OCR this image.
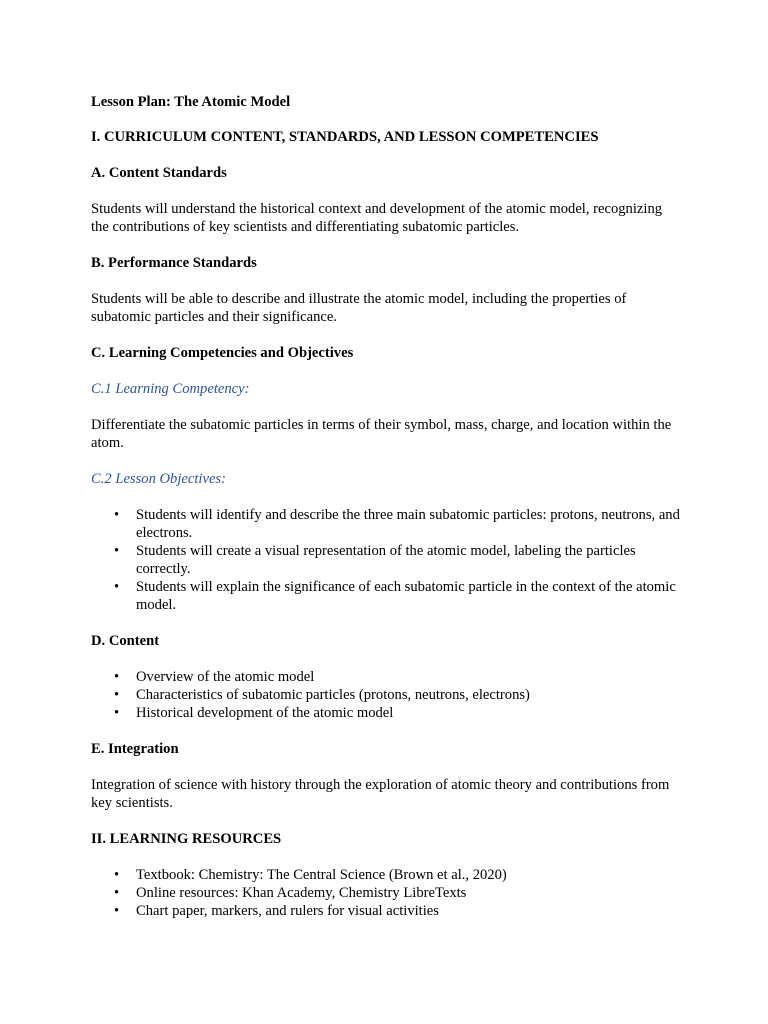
Lesson Plan: The Atomic Model
I. CURRICULUM CONTENT, STANDARDS, AND LESSON COMPETENCIES
A. Content Standards

Students will understand the historical context and development of the atomic model, recognizing the contributions of key scientists and differentiating subatomic particles.

B. Performance Standards

Students will be able to describe and illustrate the atomic model, including the properties of subatomic particles and their significance.

C. Learning Competencies and Objectives
C.1 Learning Competency:

Differentiate the subatomic particles in terms of their symbol, mass, charge, and location within the atom.

C.2 Lesson Objectives:
• Students will identify and describe the three main subatomic particles: protons, neutrons, and electrons.
• Students will create a visual representation of the atomic model, labeling the particles correctly.
• Students will explain the significance of each subatomic particle in the context of the atomic model.
D. Content
• Overview of the atomic model
• Characteristics of subatomic particles (protons, neutrons, electrons)
• Historical development of the atomic model
E. Integration

Integration of science with history through the exploration of atomic theory and contributions from key scientists.

II. LEARNING RESOURCES
• Textbook: Chemistry: The Central Science (Brown et al., 2020)
• Online resources: Khan Academy, Chemistry LibreTexts
• Chart paper, markers, and rulers for visual activities
